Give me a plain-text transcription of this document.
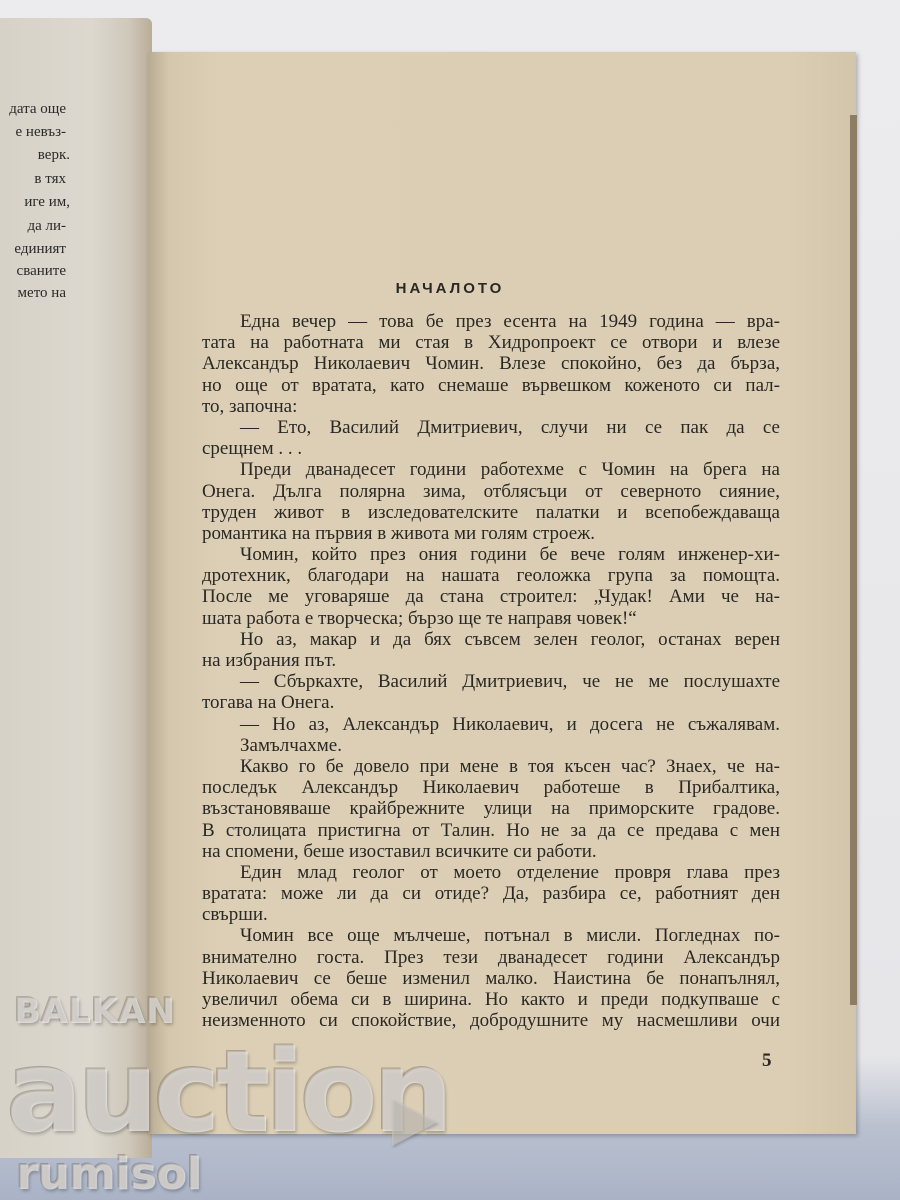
дата още
е невъз-
верк.
в тях
иге им,
да ли-
единият
сваните
мето на	НАЧАЛОТО
Една вечер — това бе през есента на 1949 година — вра-
тата на работната ми стая в Хидропроект се отвори и влезе
Александър Николаевич Чомин. Влезе спокойно, без да бърза,
но още от вратата, като снемаше вървешком коженото си пал-
то, започна:
— Ето, Василий Дмитриевич, случи ни се пак да се
срещнем . . .
Преди дванадесет години работехме с Чомин на брега на
Онега. Дълга полярна зима, отблясъци от северното сияние,
труден живот в изследователските палатки и всепобеждаваща
романтика на първия в живота ми голям строеж.
Чомин, който през ония години бе вече голям инженер-хи-
дротехник, благодари на нашата геоложка група за помощта.
После ме уговаряше да стана строител: „Чудак! Ами че на-
шата работа е творческа; бързо ще те направя човек!“
Но аз, макар и да бях съвсем зелен геолог, останах верен
на избрания път.
— Сбъркахте, Василий Дмитриевич, че не ме послушахте
тогава на Онега.
— Но аз, Александър Николаевич, и досега не съжалявам.
Замълчахме.
Какво го бе довело при мене в тоя късен час? Знаех, че на-
последък Александър Николаевич работеше в Прибалтика,
възстановяваше крайбрежните улици на приморските градове.
В столицата пристигна от Талин. Но не за да се предава с мен
на спомени, беше изоставил всичките си работи.
Един млад геолог от моето отделение провря глава през
вратата: може ли да си отиде? Да, разбира се, работният ден
свърши.
Чомин все още мълчеше, потънал в мисли. Погледнах по-
внимателно госта. През тези дванадесет години Александър
Николаевич се беше изменил малко. Наистина бе понапълнял,
увеличил обема си в ширина. Но както и преди подкупваше с
неизменното си спокойствие, добродушните му насмешливи очи
5
BALKAN
auction
rumisol
